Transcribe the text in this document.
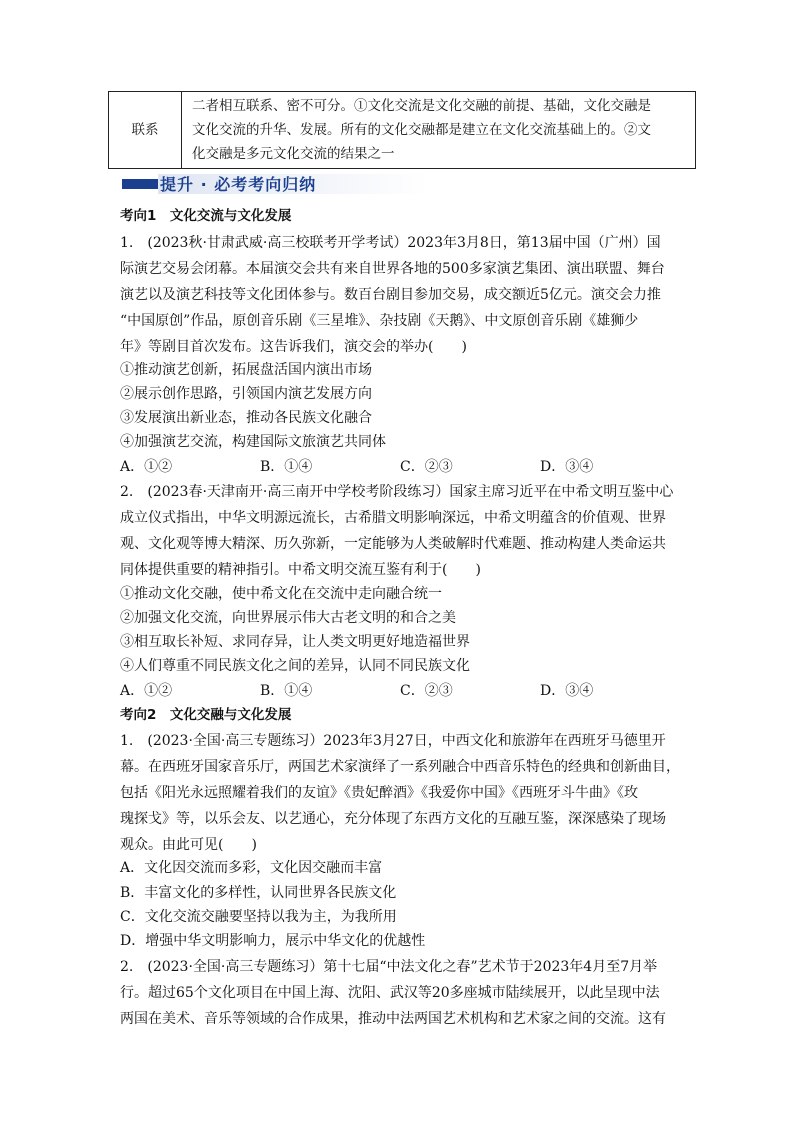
联系	
二者相互联系、密不可分。①文化交流是文化交融的前提、基础，文化交融是
文化交流的升华、发展。所有的文化交融都是建立在文化交流基础上的。②文
化交融是多元文化交流的结果之一
提升 · 必考考向归纳
考向1　文化交流与文化发展
1.　(2023秋·甘肃武威·高三校联考开学考试）2023年3月8日，第13届中国（广州）国
际演艺交易会闭幕。本届演交会共有来自世界各地的500多家演艺集团、演出联盟、舞台
演艺以及演艺科技等文化团体参与。数百台剧目参加交易，成交额近5亿元。演交会力推
“中国原创”作品，原创音乐剧《三星堆》、杂技剧《天鹅》、中文原创音乐剧《雄狮少
年》等剧目首次发布。这告诉我们，演交会的举办(　　)
①推动演艺创新，拓展盘活国内演出市场
②展示创作思路，引领国内演艺发展方向
③发展演出新业态，推动各民族文化融合
④加强演艺交流，构建国际文旅演艺共同体
A．①②	B．①④	C．②③	D．③④
2.　(2023春·天津南开·高三南开中学校考阶段练习）国家主席习近平在中希文明互鉴中心
成立仪式指出，中华文明源远流长，古希腊文明影响深远，中希文明蕴含的价值观、世界
观、文化观等博大精深、历久弥新，一定能够为人类破解时代难题、推动构建人类命运共
同体提供重要的精神指引。中希文明交流互鉴有利于(　　)
①推动文化交融，使中希文化在交流中走向融合统一
②加强文化交流，向世界展示伟大古老文明的和合之美
③相互取长补短、求同存异，让人类文明更好地造福世界
④人们尊重不同民族文化之间的差异，认同不同民族文化
A．①②	B．①④	C．②③	D．③④
考向2　文化交融与文化发展
1.　(2023·全国·高三专题练习）2023年3月27日，中西文化和旅游年在西班牙马德里开
幕。在西班牙国家音乐厅，两国艺术家演绎了一系列融合中西音乐特色的经典和创新曲目，
包括《阳光永远照耀着我们的友谊》《贵妃醉酒》《我爱你中国》《西班牙斗牛曲》《玫
瑰探戈》等，以乐会友、以艺通心，充分体现了东西方文化的互融互鉴，深深感染了现场
观众。由此可见(　　)
A．文化因交流而多彩，文化因交融而丰富
B．丰富文化的多样性，认同世界各民族文化
C．文化交流交融要坚持以我为主，为我所用
D．增强中华文明影响力，展示中华文化的优越性
2.　(2023·全国·高三专题练习）第十七届“中法文化之春”艺术节于2023年4月至7月举
行。超过65个文化项目在中国上海、沈阳、武汉等20多座城市陆续展开，以此呈现中法
两国在美术、音乐等领域的合作成果，推动中法两国艺术机构和艺术家之间的交流。这有
